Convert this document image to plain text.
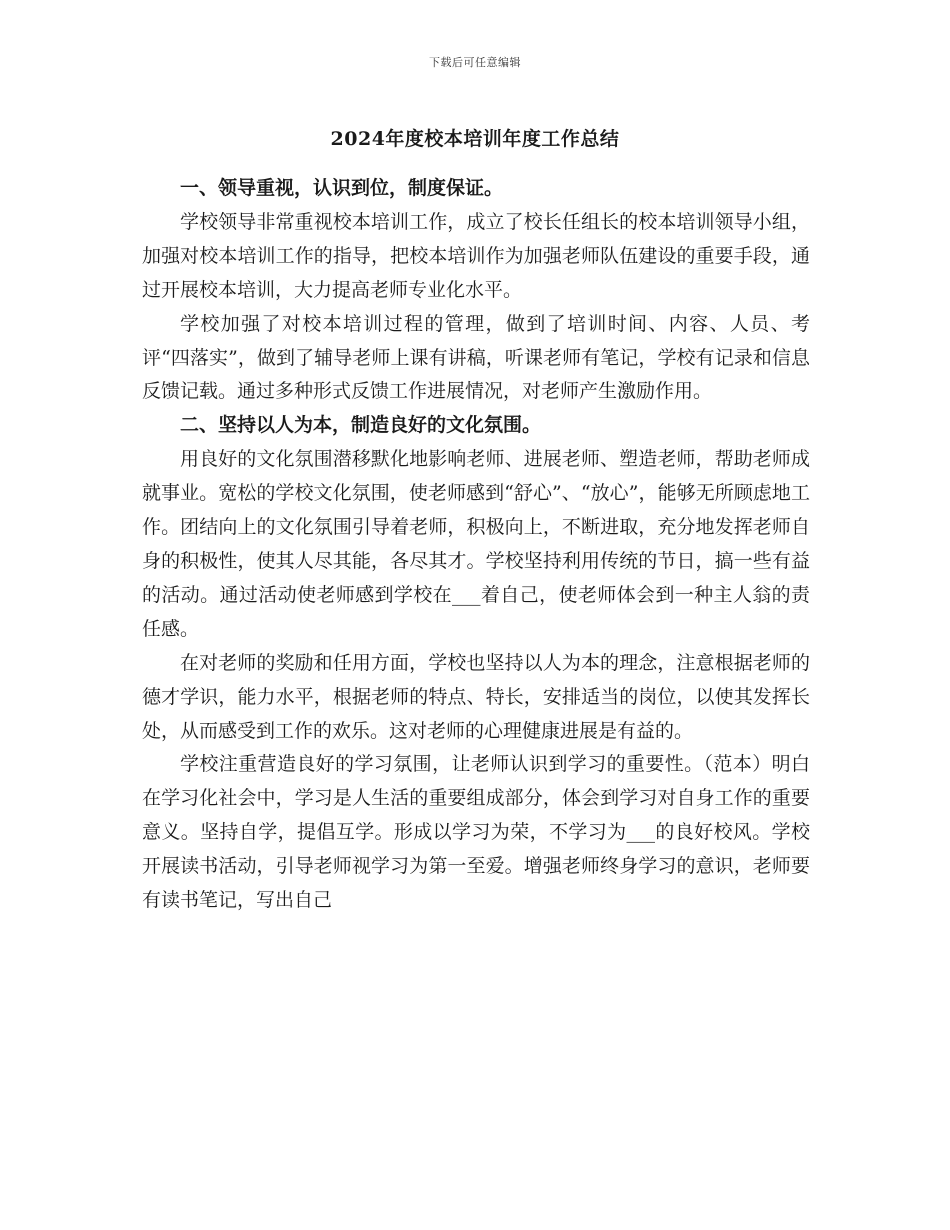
下载后可任意编辑
2024年度校本培训年度工作总结
一、领导重视，认识到位，制度保证。

学校领导非常重视校本培训工作，成立了校长任组长的校本培训领导小组，加强对校本培训工作的指导，把校本培训作为加强老师队伍建设的重要手段，通过开展校本培训，大力提高老师专业化水平。

学校加强了对校本培训过程的管理，做到了培训时间、内容、人员、考评“四落实”，做到了辅导老师上课有讲稿，听课老师有笔记，学校有记录和信息反馈记载。通过多种形式反馈工作进展情况，对老师产生激励作用。

二、坚持以人为本，制造良好的文化氛围。

用良好的文化氛围潜移默化地影响老师、进展老师、塑造老师，帮助老师成就事业。宽松的学校文化氛围，使老师感到“舒心”、“放心”，能够无所顾虑地工作。团结向上的文化氛围引导着老师，积极向上，不断进取，充分地发挥老师自身的积极性，使其人尽其能，各尽其才。学校坚持利用传统的节日，搞一些有益的活动。通过活动使老师感到学校在___着自己，使老师体会到一种主人翁的责任感。

在对老师的奖励和任用方面，学校也坚持以人为本的理念，注意根据老师的德才学识，能力水平，根据老师的特点、特长，安排适当的岗位，以使其发挥长处，从而感受到工作的欢乐。这对老师的心理健康进展是有益的。

学校注重营造良好的学习氛围，让老师认识到学习的重要性。（范本）明白在学习化社会中，学习是人生活的重要组成部分，体会到学习对自身工作的重要意义。坚持自学，提倡互学。形成以学习为荣，不学习为___的良好校风。学校开展读书活动，引导老师视学习为第一至爱。增强老师终身学习的意识，老师要有读书笔记，写出自己
